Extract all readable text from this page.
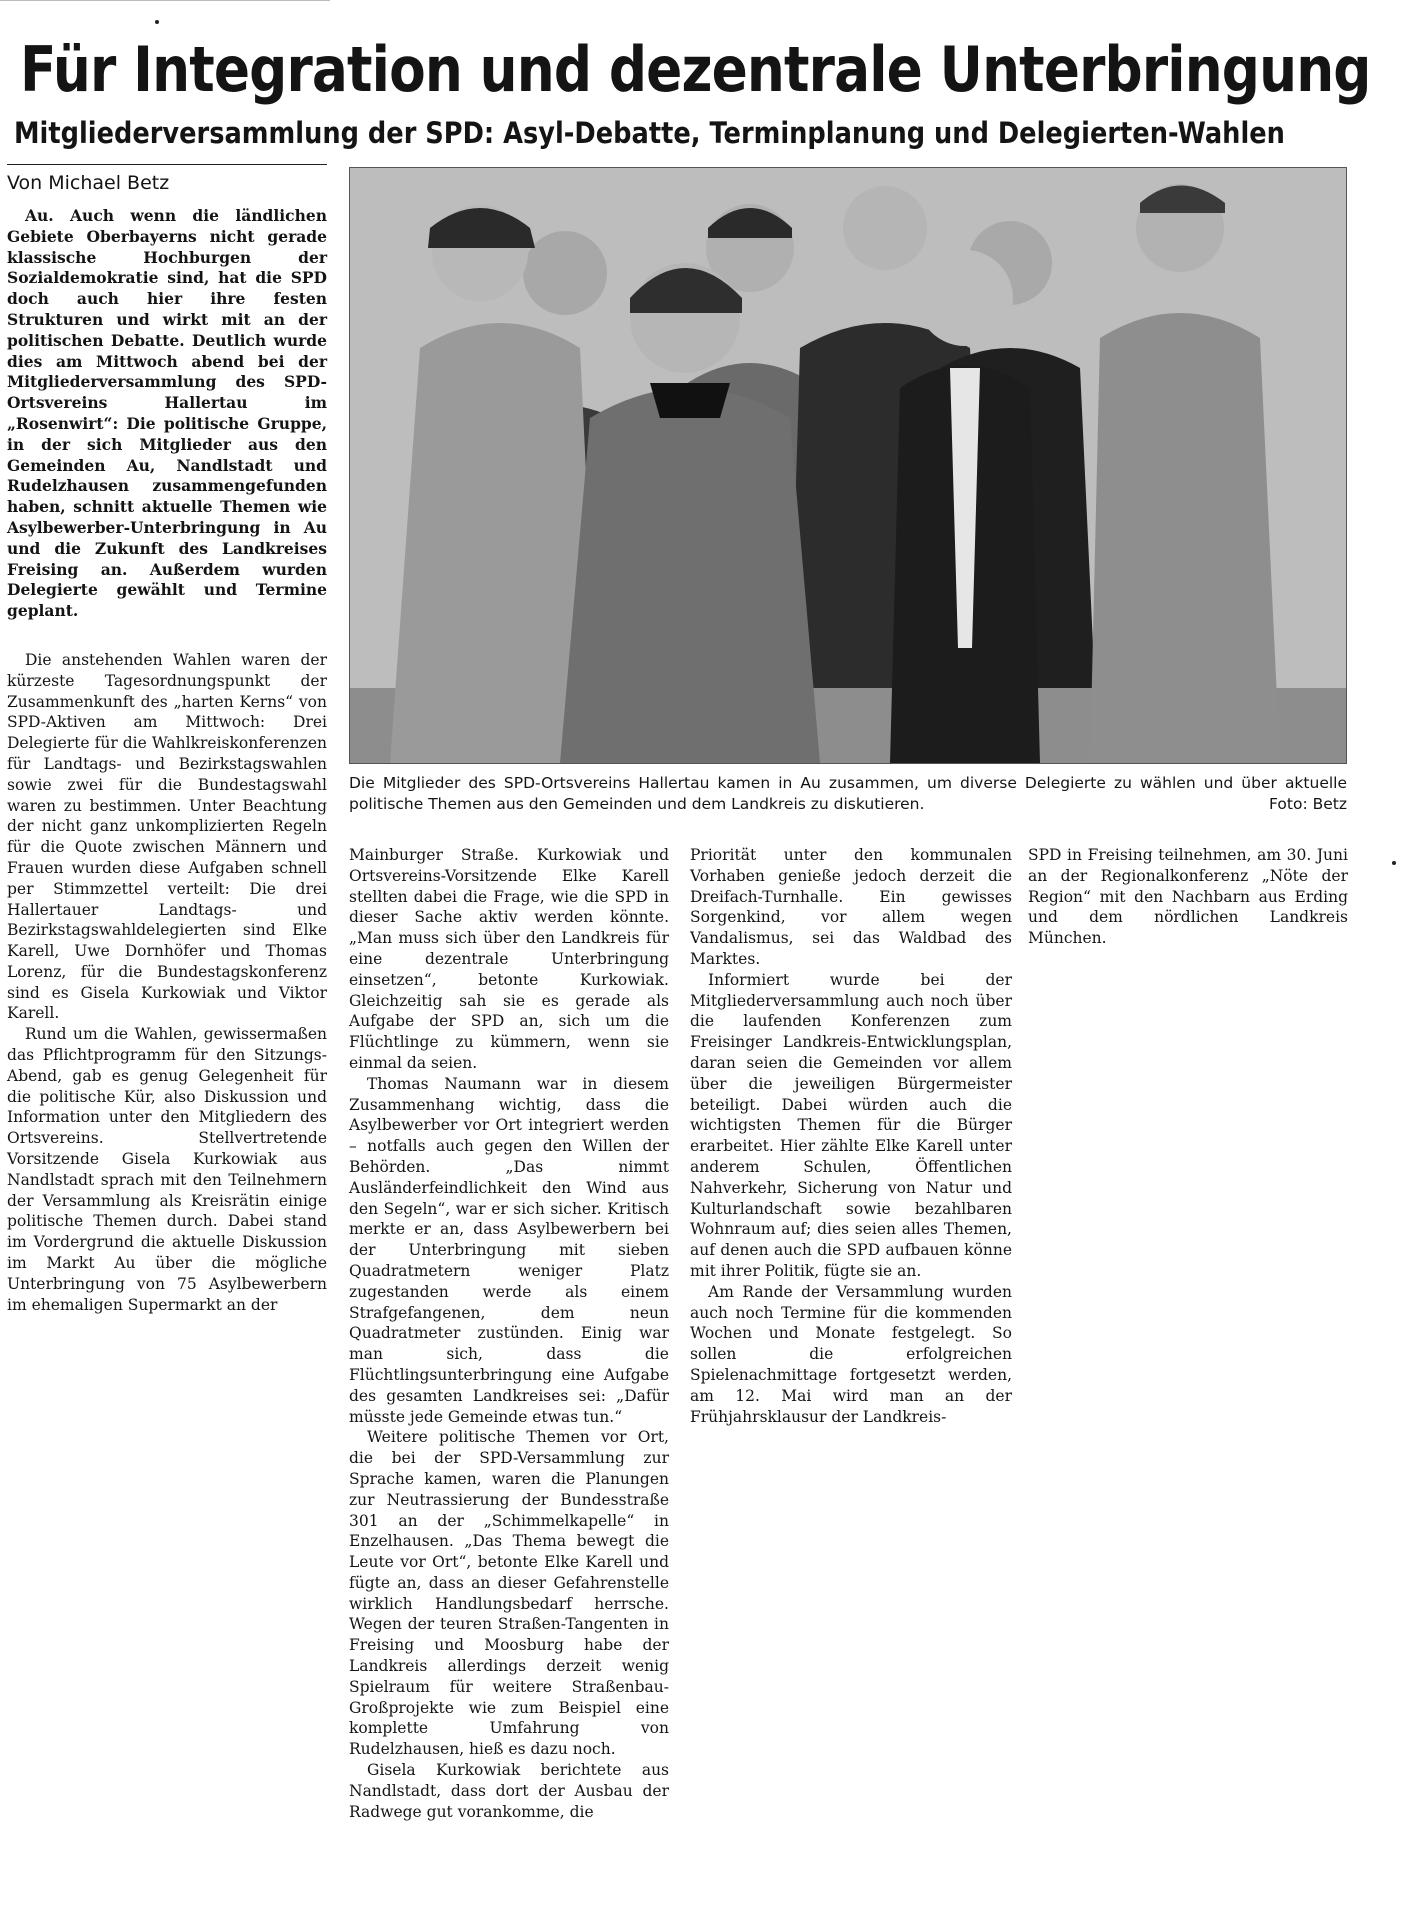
Für Integration und dezentrale Unterbringung
Mitgliederversammlung der SPD: Asyl-Debatte, Terminplanung und Delegierten-Wahlen
Von Michael Betz

Au. Auch wenn die ländlichen Gebiete Oberbayerns nicht gerade klassische Hochburgen der Sozialdemokratie sind, hat die SPD doch auch hier ihre festen Strukturen und wirkt mit an der politischen Debatte. Deutlich wurde dies am Mittwoch abend bei der Mitgliederversammlung des SPD-Ortsvereins Hallertau im „Rosenwirt“: Die politische Gruppe, in der sich Mitglieder aus den Gemeinden Au, Nandlstadt und Rudelzhausen zusammengefunden haben, schnitt aktuelle Themen wie Asylbewerber-Unterbringung in Au und die Zukunft des Landkreises Freising an. Außerdem wurden Delegierte gewählt und Termine geplant.

Die anstehenden Wahlen waren der kürzeste Tagesordnungspunkt der Zusammenkunft des „harten Kerns“ von SPD-Aktiven am Mittwoch: Drei Delegierte für die Wahlkreiskonferenzen für Landtags- und Bezirkstagswahlen sowie zwei für die Bundestagswahl waren zu bestimmen. Unter Beachtung der nicht ganz unkomplizierten Regeln für die Quote zwischen Männern und Frauen wurden diese Aufgaben schnell per Stimmzettel verteilt: Die drei Hallertauer Landtags- und Bezirkstagswahldelegierten sind Elke Karell, Uwe Dornhöfer und Thomas Lorenz, für die Bundestagskonferenz sind es Gisela Kurkowiak und Viktor Karell.

Rund um die Wahlen, gewissermaßen das Pflichtprogramm für den Sitzungs-Abend, gab es genug Gelegenheit für die politische Kür, also Diskussion und Information unter den Mitgliedern des Ortsvereins. Stellvertretende Vorsitzende Gisela Kurkowiak aus Nandlstadt sprach mit den Teilnehmern der Versammlung als Kreisrätin einige politische Themen durch. Dabei stand im Vordergrund die aktuelle Diskussion im Markt Au über die mögliche Unterbringung von 75 Asylbewerbern im ehemaligen Supermarkt an der

Die Mitglieder des SPD-Ortsvereins Hallertau kamen in Au zusammen, um diverse Delegierte zu wählen und über aktuelle politische Themen aus den Gemeinden und dem Landkreis zu diskutieren.	Foto: Betz

Mainburger Straße. Kurkowiak und Ortsvereins-Vorsitzende Elke Karell stellten dabei die Frage, wie die SPD in dieser Sache aktiv werden könnte. „Man muss sich über den Landkreis für eine dezentrale Unterbringung einsetzen“, betonte Kurkowiak. Gleichzeitig sah sie es gerade als Aufgabe der SPD an, sich um die Flüchtlinge zu kümmern, wenn sie einmal da seien.

Thomas Naumann war in diesem Zusammenhang wichtig, dass die Asylbewerber vor Ort integriert werden – notfalls auch gegen den Willen der Behörden. „Das nimmt Ausländerfeindlichkeit den Wind aus den Segeln“, war er sich sicher. Kritisch merkte er an, dass Asylbewerbern bei der Unterbringung mit sieben Quadratmetern weniger Platz zugestanden werde als einem Strafgefangenen, dem neun Quadratmeter zustünden. Einig war man sich, dass die Flüchtlingsunterbringung eine Aufgabe des gesamten Landkreises sei: „Dafür müsste jede Gemeinde etwas tun.“

Weitere politische Themen vor Ort, die bei der SPD-Versammlung zur Sprache kamen, waren die Planungen zur Neutrassierung der Bundesstraße 301 an der „Schimmelkapelle“ in Enzelhausen. „Das Thema bewegt die Leute vor Ort“, betonte Elke Karell und fügte an, dass an dieser Gefahrenstelle wirklich Handlungsbedarf herrsche. Wegen der teuren Straßen-Tangenten in Freising und Moosburg habe der Landkreis allerdings derzeit wenig Spielraum für weitere Straßenbau-Großprojekte wie zum Beispiel eine komplette Umfahrung von Rudelzhausen, hieß es dazu noch.

Gisela Kurkowiak berichtete aus Nandlstadt, dass dort der Ausbau der Radwege gut vorankomme, die

Priorität unter den kommunalen Vorhaben genieße jedoch derzeit die Dreifach-Turnhalle. Ein gewisses Sorgenkind, vor allem wegen Vandalismus, sei das Waldbad des Marktes.

Informiert wurde bei der Mitgliederversammlung auch noch über die laufenden Konferenzen zum Freisinger Landkreis-Entwicklungsplan, daran seien die Gemeinden vor allem über die jeweiligen Bürgermeister beteiligt. Dabei würden auch die wichtigsten Themen für die Bürger erarbeitet. Hier zählte Elke Karell unter anderem Schulen, Öffentlichen Nahverkehr, Sicherung von Natur und Kulturlandschaft sowie bezahlbaren Wohnraum auf; dies seien alles Themen, auf denen auch die SPD aufbauen könne mit ihrer Politik, fügte sie an.

Am Rande der Versammlung wurden auch noch Termine für die kommenden Wochen und Monate festgelegt. So sollen die erfolgreichen Spielenachmittage fortgesetzt werden, am 12. Mai wird man an der Frühjahrsklausur der Landkreis-

SPD in Freising teilnehmen, am 30. Juni an der Regionalkonferenz „Nöte der Region“ mit den Nachbarn aus Erding und dem nördlichen Landkreis München.
